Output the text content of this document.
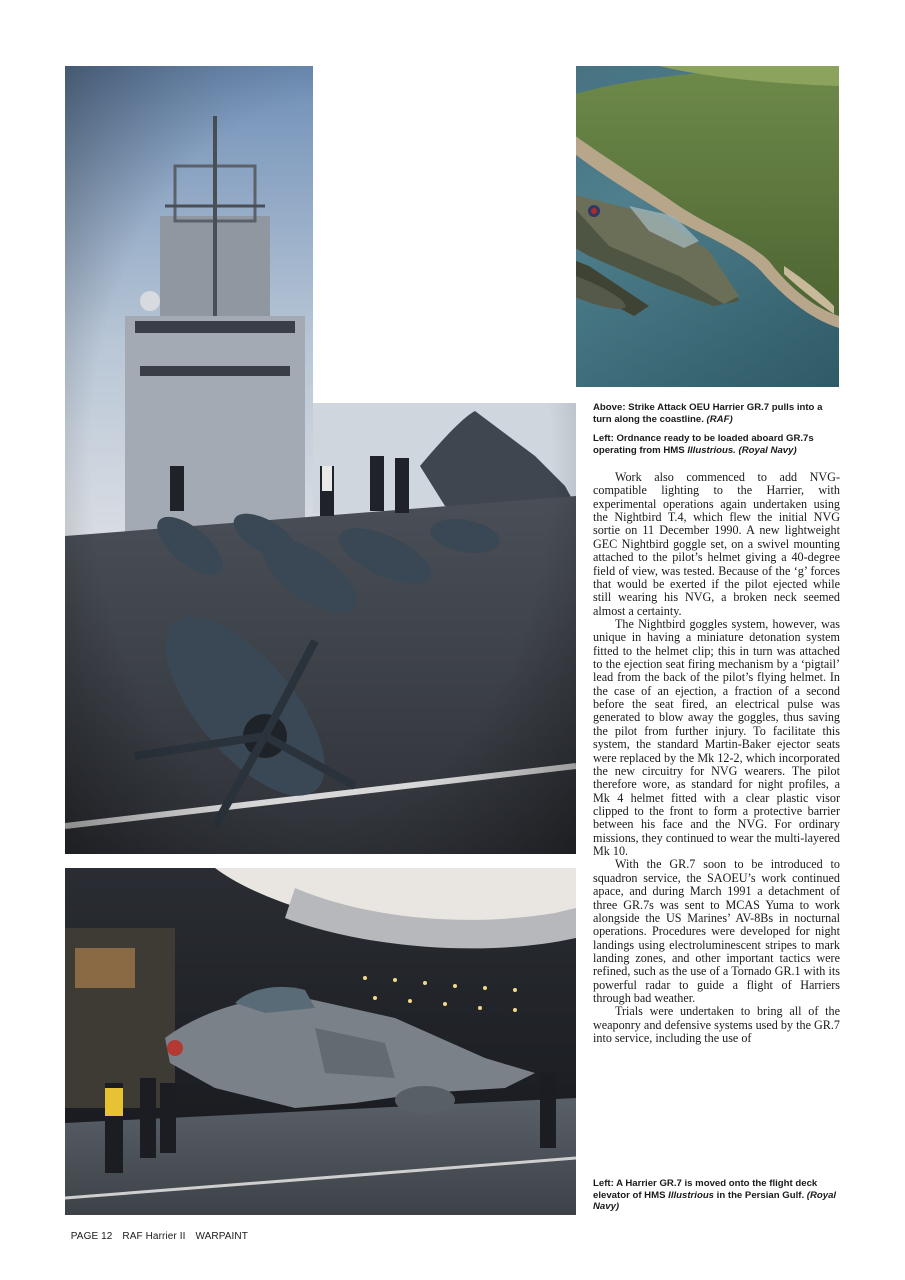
Above: Strike Attack OEU Harrier GR.7 pulls into a turn along the coastline. (RAF)
Left: Ordnance ready to be loaded aboard GR.7s operating from HMS Illustrious. (Royal Navy)

Work also commenced to add NVG-compatible lighting to the Harrier, with experimental operations again undertaken using the Nightbird T.4, which flew the initial NVG sortie on 11 December 1990. A new lightweight GEC Nightbird goggle set, on a swivel mounting attached to the pilot’s helmet giving a 40-degree field of view, was tested. Because of the ‘g’ forces that would be exerted if the pilot ejected while still wearing his NVG, a broken neck seemed almost a certainty.

The Nightbird goggles system, however, was unique in having a miniature detonation system fitted to the helmet clip; this in turn was attached to the ejection seat firing mechanism by a ‘pigtail’ lead from the back of the pilot’s flying helmet. In the case of an ejection, a fraction of a second before the seat fired, an electrical pulse was generated to blow away the goggles, thus saving the pilot from further injury. To facilitate this system, the standard Martin-Baker ejector seats were replaced by the Mk 12-2, which incorporated the new circuitry for NVG wearers. The pilot therefore wore, as standard for night profiles, a Mk 4 helmet fitted with a clear plastic visor clipped to the front to form a protective barrier between his face and the NVG. For ordinary missions, they continued to wear the multi-layered Mk 10.

With the GR.7 soon to be introduced to squadron service, the SAOEU’s work continued apace, and during March 1991 a detachment of three GR.7s was sent to MCAS Yuma to work alongside the US Marines’ AV-8Bs in nocturnal operations. Procedures were developed for night landings using electroluminescent stripes to mark landing zones, and other important tactics were refined, such as the use of a Tornado GR.1 with its powerful radar to guide a flight of Harriers through bad weather.

Trials were undertaken to bring all of the weaponry and defensive systems used by the GR.7 into service, including the use of

Left: A Harrier GR.7 is moved onto the flight deck elevator of HMS Illustrious in the Persian Gulf. (Royal Navy)

PAGE 12 RAF Harrier II WARPAINT
